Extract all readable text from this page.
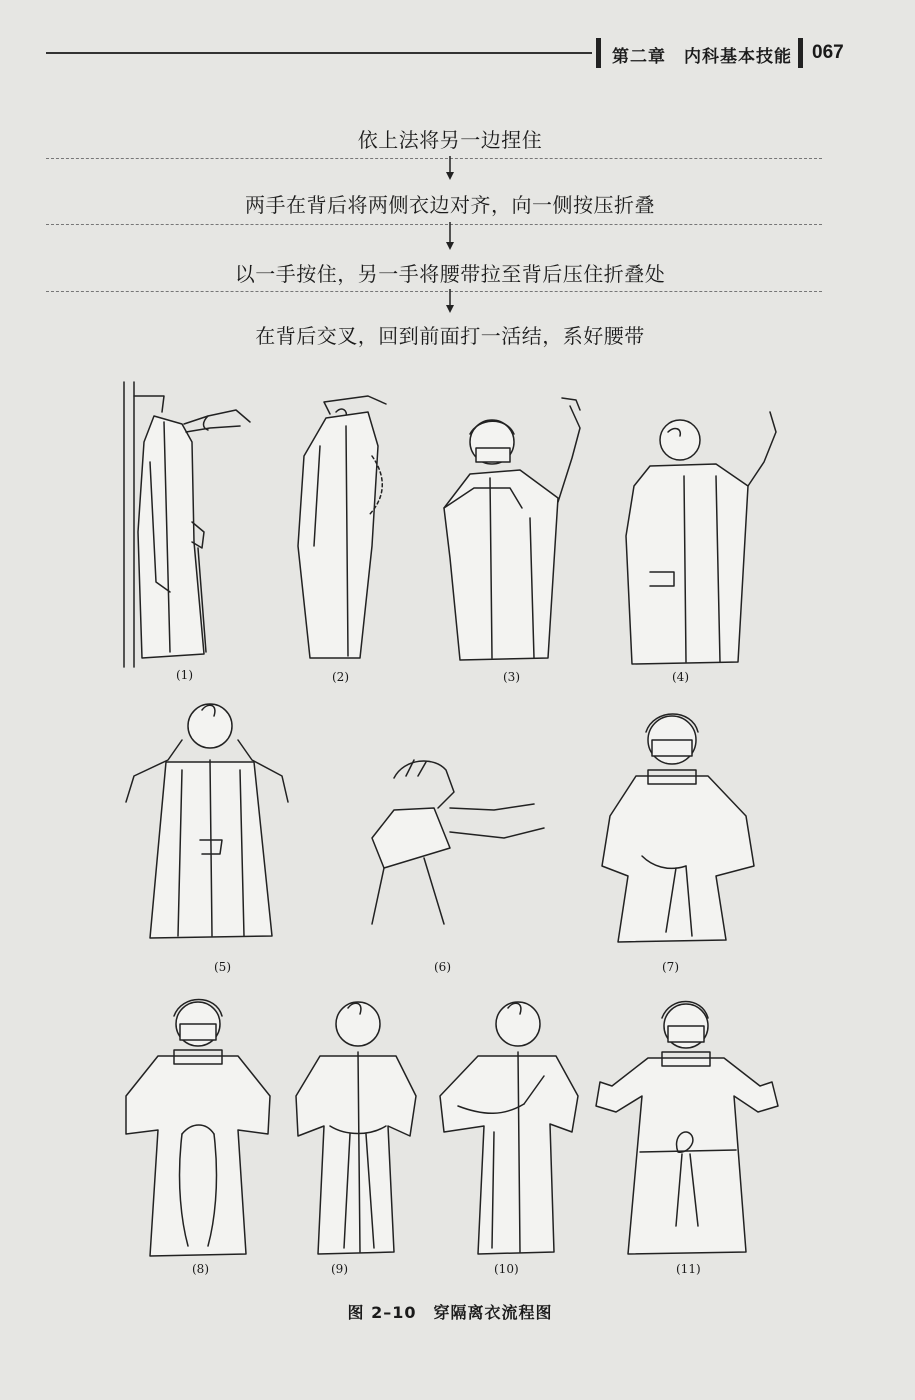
第二章　内科基本技能 067
依上法将另一边捏住
两手在背后将两侧衣边对齐，向一侧按压折叠
以一手按住，另一手将腰带拉至背后压住折叠处
在背后交叉，回到前面打一活结，系好腰带
(1)	(2)	(3)	(4)
(5)	(6)	(7)
(8)	(9)	(10)	(11)
图 2–10　穿隔离衣流程图
